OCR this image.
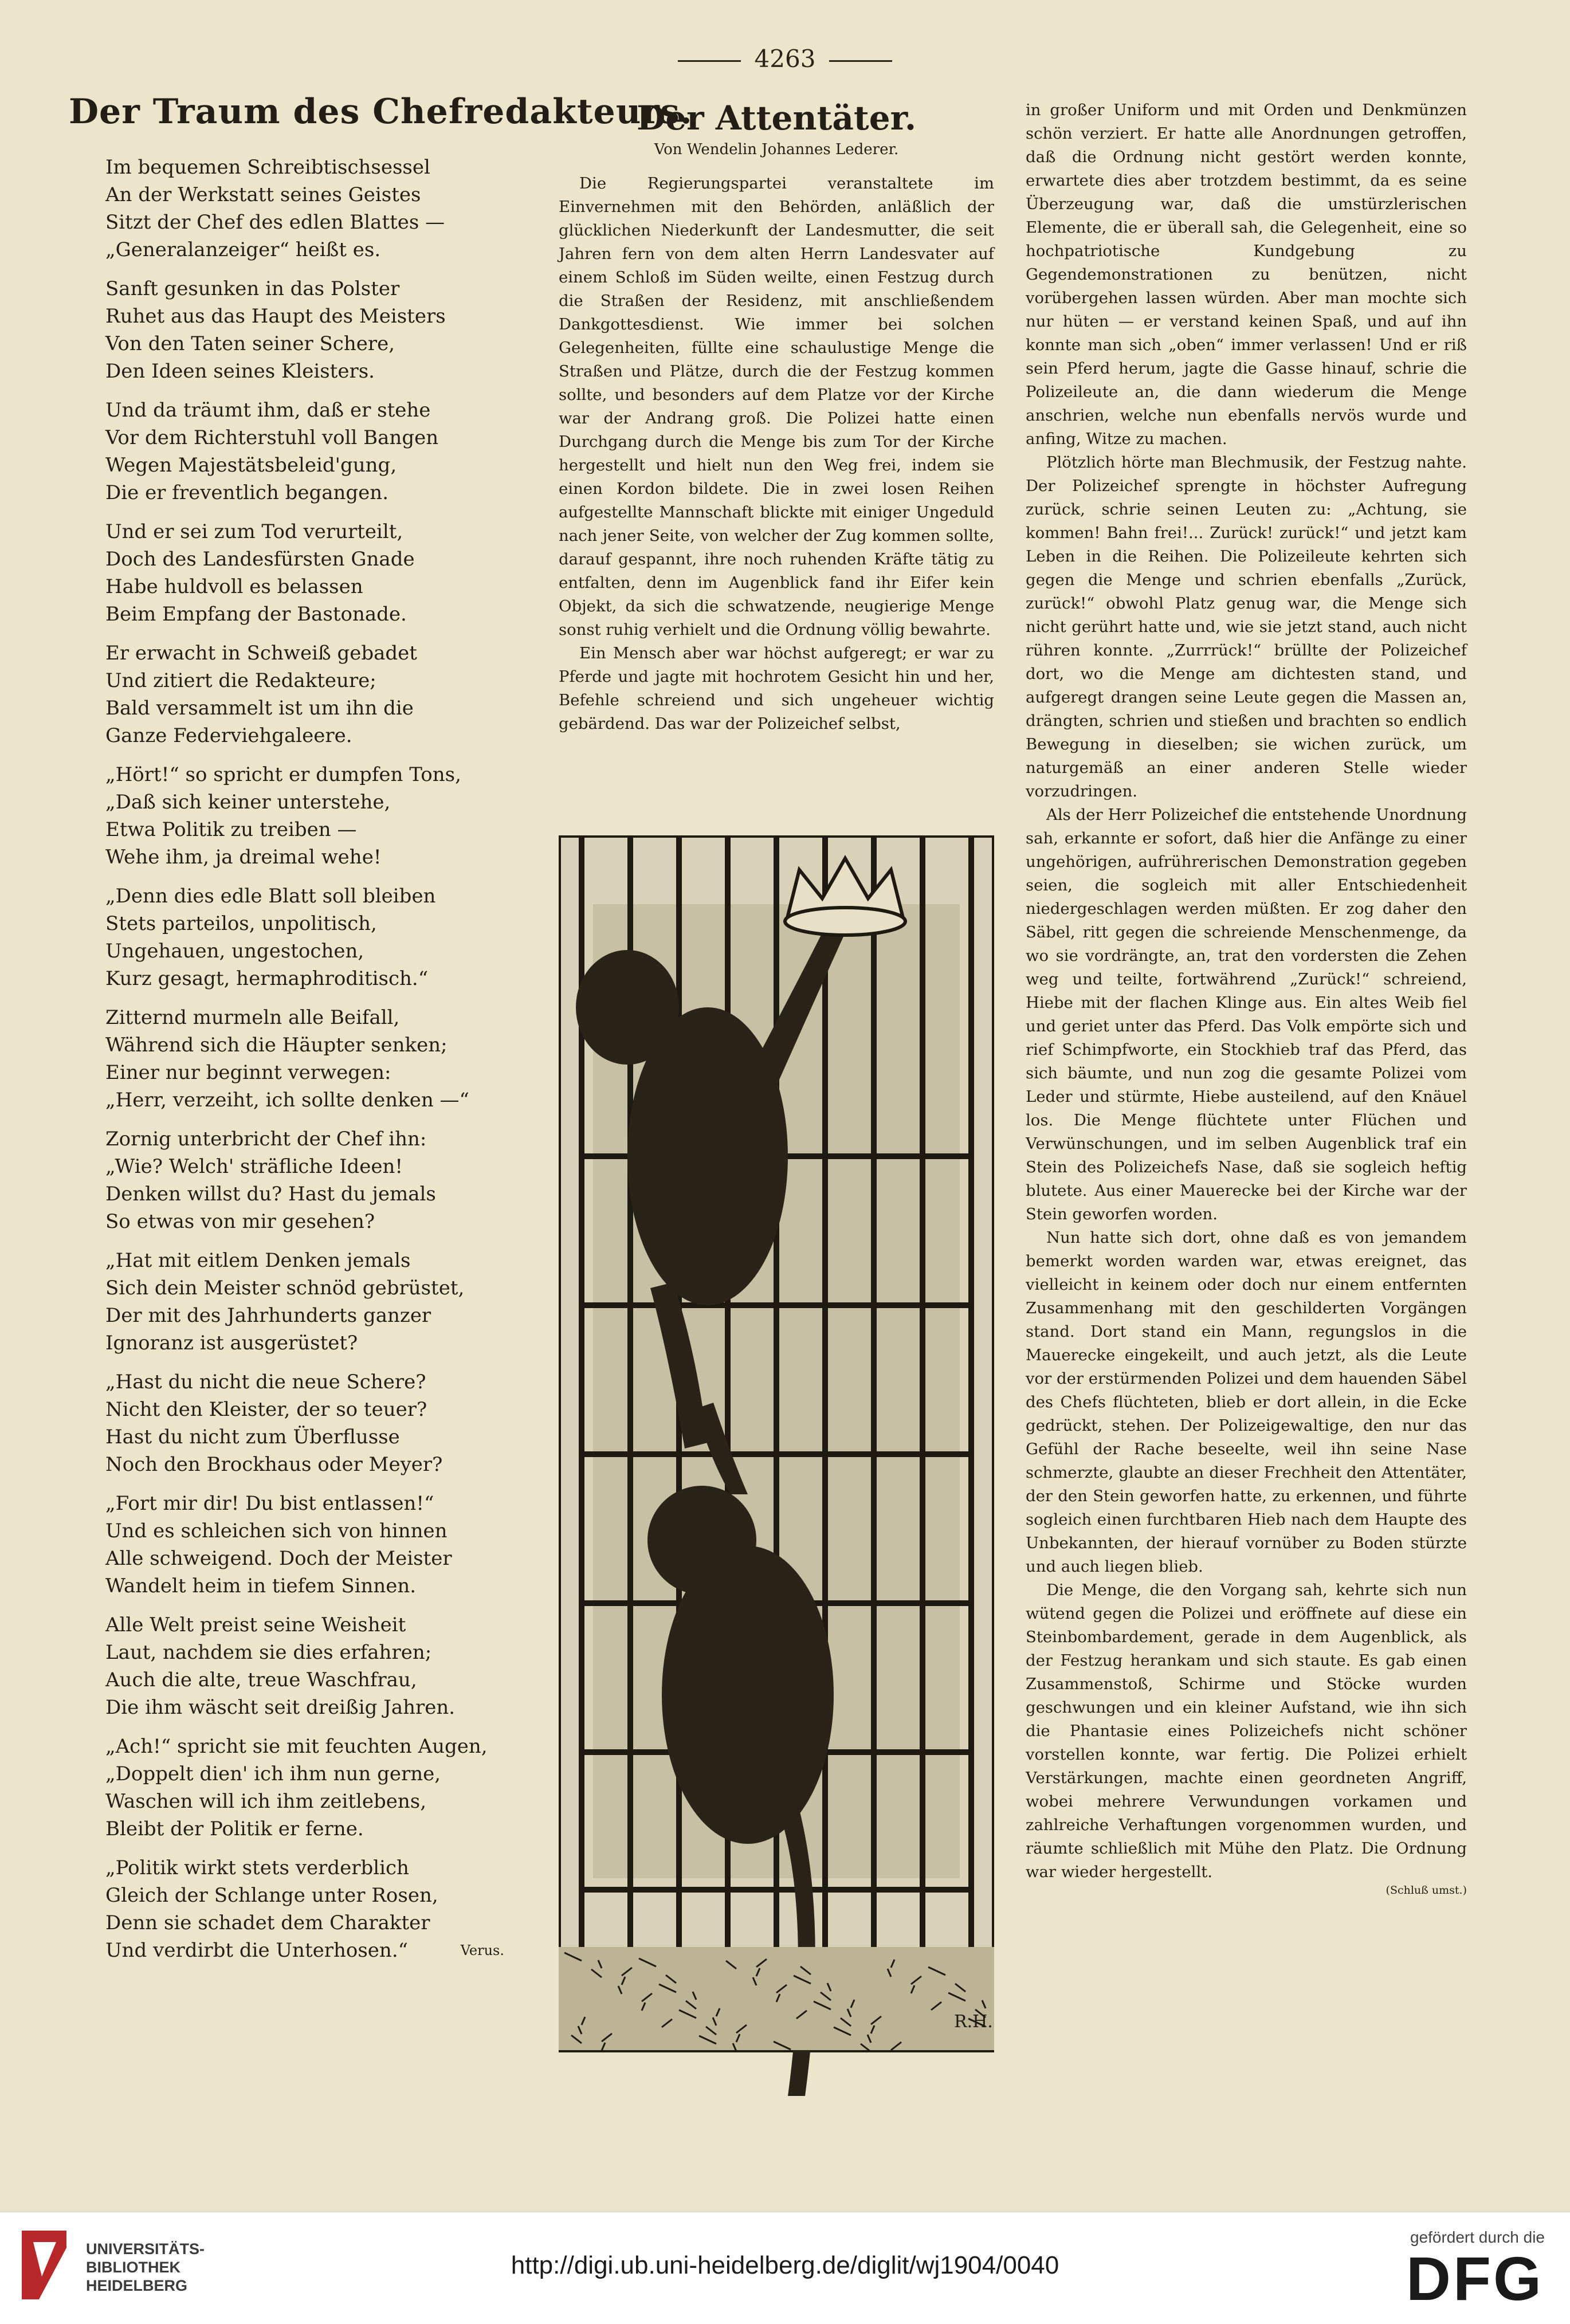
4263
Der Traum des Chefredakteurs.
Im bequemen Schreibtischsessel
An der Werkstatt seines Geistes
Sitzt der Chef des edlen Blattes —
„Generalanzeiger“ heißt es.
Sanft gesunken in das Polster
Ruhet aus das Haupt des Meisters
Von den Taten seiner Schere,
Den Ideen seines Kleisters.
Und da träumt ihm, daß er stehe
Vor dem Richterstuhl voll Bangen
Wegen Majestätsbeleid'gung,
Die er freventlich begangen.
Und er sei zum Tod verurteilt,
Doch des Landesfürsten Gnade
Habe huldvoll es belassen
Beim Empfang der Bastonade.
Er erwacht in Schweiß gebadet
Und zitiert die Redakteure;
Bald versammelt ist um ihn die
Ganze Federviehgaleere.
„Hört!“ so spricht er dumpfen Tons,
„Daß sich keiner unterstehe,
Etwa Politik zu treiben —
Wehe ihm, ja dreimal wehe!
„Denn dies edle Blatt soll bleiben
Stets parteilos, unpolitisch,
Ungehauen, ungestochen,
Kurz gesagt, hermaphroditisch.“
Zitternd murmeln alle Beifall,
Während sich die Häupter senken;
Einer nur beginnt verwegen:
„Herr, verzeiht, ich sollte denken —“
Zornig unterbricht der Chef ihn:
„Wie? Welch' sträfliche Ideen!
Denken willst du? Hast du jemals
So etwas von mir gesehen?
„Hat mit eitlem Denken jemals
Sich dein Meister schnöd gebrüstet,
Der mit des Jahrhunderts ganzer
Ignoranz ist ausgerüstet?
„Hast du nicht die neue Schere?
Nicht den Kleister, der so teuer?
Hast du nicht zum Überflusse
Noch den Brockhaus oder Meyer?
„Fort mir dir! Du bist entlassen!“
Und es schleichen sich von hinnen
Alle schweigend. Doch der Meister
Wandelt heim in tiefem Sinnen.
Alle Welt preist seine Weisheit
Laut, nachdem sie dies erfahren;
Auch die alte, treue Waschfrau,
Die ihm wäscht seit dreißig Jahren.
„Ach!“ spricht sie mit feuchten Augen,
„Doppelt dien' ich ihm nun gerne,
Waschen will ich ihm zeitlebens,
Bleibt der Politik er ferne.
„Politik wirkt stets verderblich
Gleich der Schlange unter Rosen,
Denn sie schadet dem Charakter
Und verdirbt die Unterhosen.“	Verus.
Der Attentäter.
Von Wendelin Johannes Lederer.

Die Regierungspartei veranstaltete im Einvernehmen mit den Behörden, anläßlich der glücklichen Niederkunft der Landesmutter, die seit Jahren fern von dem alten Herrn Landesvater auf einem Schloß im Süden weilte, einen Festzug durch die Straßen der Residenz, mit anschließendem Dankgottesdienst. Wie immer bei solchen Gelegenheiten, füllte eine schaulustige Menge die Straßen und Plätze, durch die der Festzug kommen sollte, und besonders auf dem Platze vor der Kirche war der Andrang groß. Die Polizei hatte einen Durchgang durch die Menge bis zum Tor der Kirche hergestellt und hielt nun den Weg frei, indem sie einen Kordon bildete. Die in zwei losen Reihen aufgestellte Mannschaft blickte mit einiger Ungeduld nach jener Seite, von welcher der Zug kommen sollte, darauf gespannt, ihre noch ruhenden Kräfte tätig zu entfalten, denn im Augenblick fand ihr Eifer kein Objekt, da sich die schwatzende, neugierige Menge sonst ruhig verhielt und die Ordnung völlig bewahrte.

Ein Mensch aber war höchst aufgeregt; er war zu Pferde und jagte mit hochrotem Gesicht hin und her, Befehle schreiend und sich ungeheuer wichtig gebärdend. Das war der Polizeichef selbst,

R.H.

in großer Uniform und mit Orden und Denkmünzen schön verziert. Er hatte alle Anordnungen getroffen, daß die Ordnung nicht gestört werden konnte, erwartete dies aber trotzdem bestimmt, da es seine Überzeugung war, daß die umstürzlerischen Elemente, die er überall sah, die Gelegenheit, eine so hochpatriotische Kundgebung zu Gegendemonstrationen zu benützen, nicht vorübergehen lassen würden. Aber man mochte sich nur hüten — er verstand keinen Spaß, und auf ihn konnte man sich „oben“ immer verlassen! Und er riß sein Pferd herum, jagte die Gasse hinauf, schrie die Polizeileute an, die dann wiederum die Menge anschrien, welche nun ebenfalls nervös wurde und anfing, Witze zu machen.

Plötzlich hörte man Blechmusik, der Festzug nahte. Der Polizeichef sprengte in höchster Aufregung zurück, schrie seinen Leuten zu: „Achtung, sie kommen! Bahn frei!... Zurück! zurück!“ und jetzt kam Leben in die Reihen. Die Polizeileute kehrten sich gegen die Menge und schrien ebenfalls „Zurück, zurück!“ obwohl Platz genug war, die Menge sich nicht gerührt hatte und, wie sie jetzt stand, auch nicht rühren konnte. „Zurrrück!“ brüllte der Polizeichef dort, wo die Menge am dichtesten stand, und aufgeregt drangen seine Leute gegen die Massen an, drängten, schrien und stießen und brachten so endlich Bewegung in dieselben; sie wichen zurück, um naturgemäß an einer anderen Stelle wieder vorzudringen.

Als der Herr Polizeichef die entstehende Unordnung sah, erkannte er sofort, daß hier die Anfänge zu einer ungehörigen, aufrührerischen Demonstration gegeben seien, die sogleich mit aller Entschiedenheit niedergeschlagen werden müßten. Er zog daher den Säbel, ritt gegen die schreiende Menschenmenge, da wo sie vordrängte, an, trat den vordersten die Zehen weg und teilte, fortwährend „Zurück!“ schreiend, Hiebe mit der flachen Klinge aus. Ein altes Weib fiel und geriet unter das Pferd. Das Volk empörte sich und rief Schimpfworte, ein Stockhieb traf das Pferd, das sich bäumte, und nun zog die gesamte Polizei vom Leder und stürmte, Hiebe austeilend, auf den Knäuel los. Die Menge flüchtete unter Flüchen und Verwünschungen, und im selben Augenblick traf ein Stein des Polizeichefs Nase, daß sie sogleich heftig blutete. Aus einer Mauerecke bei der Kirche war der Stein geworfen worden.

Nun hatte sich dort, ohne daß es von jemandem bemerkt worden warden war, etwas ereignet, das vielleicht in keinem oder doch nur einem entfernten Zusammenhang mit den geschilderten Vorgängen stand. Dort stand ein Mann, regungslos in die Mauerecke eingekeilt, und auch jetzt, als die Leute vor der erstürmenden Polizei und dem hauenden Säbel des Chefs flüchteten, blieb er dort allein, in die Ecke gedrückt, stehen. Der Polizeigewaltige, den nur das Gefühl der Rache beseelte, weil ihn seine Nase schmerzte, glaubte an dieser Frechheit den Attentäter, der den Stein geworfen hatte, zu erkennen, und führte sogleich einen furchtbaren Hieb nach dem Haupte des Unbekannten, der hierauf vornüber zu Boden stürzte und auch liegen blieb.

Die Menge, die den Vorgang sah, kehrte sich nun wütend gegen die Polizei und eröffnete auf diese ein Steinbombardement, gerade in dem Augenblick, als der Festzug herankam und sich staute. Es gab einen Zusammenstoß, Schirme und Stöcke wurden geschwungen und ein kleiner Aufstand, wie ihn sich die Phantasie eines Polizeichefs nicht schöner vorstellen konnte, war fertig. Die Polizei erhielt Verstärkungen, machte einen geordneten Angriff, wobei mehrere Verwundungen vorkamen und zahlreiche Verhaftungen vorgenommen wurden, und räumte schließlich mit Mühe den Platz. Die Ordnung war wieder hergestellt.

(Schluß umst.)
UNIVERSITÄTS-
BIBLIOTHEK
HEIDELBERG
http://digi.ub.uni-heidelberg.de/diglit/wj1904/0040
gefördert durch die
DFG
